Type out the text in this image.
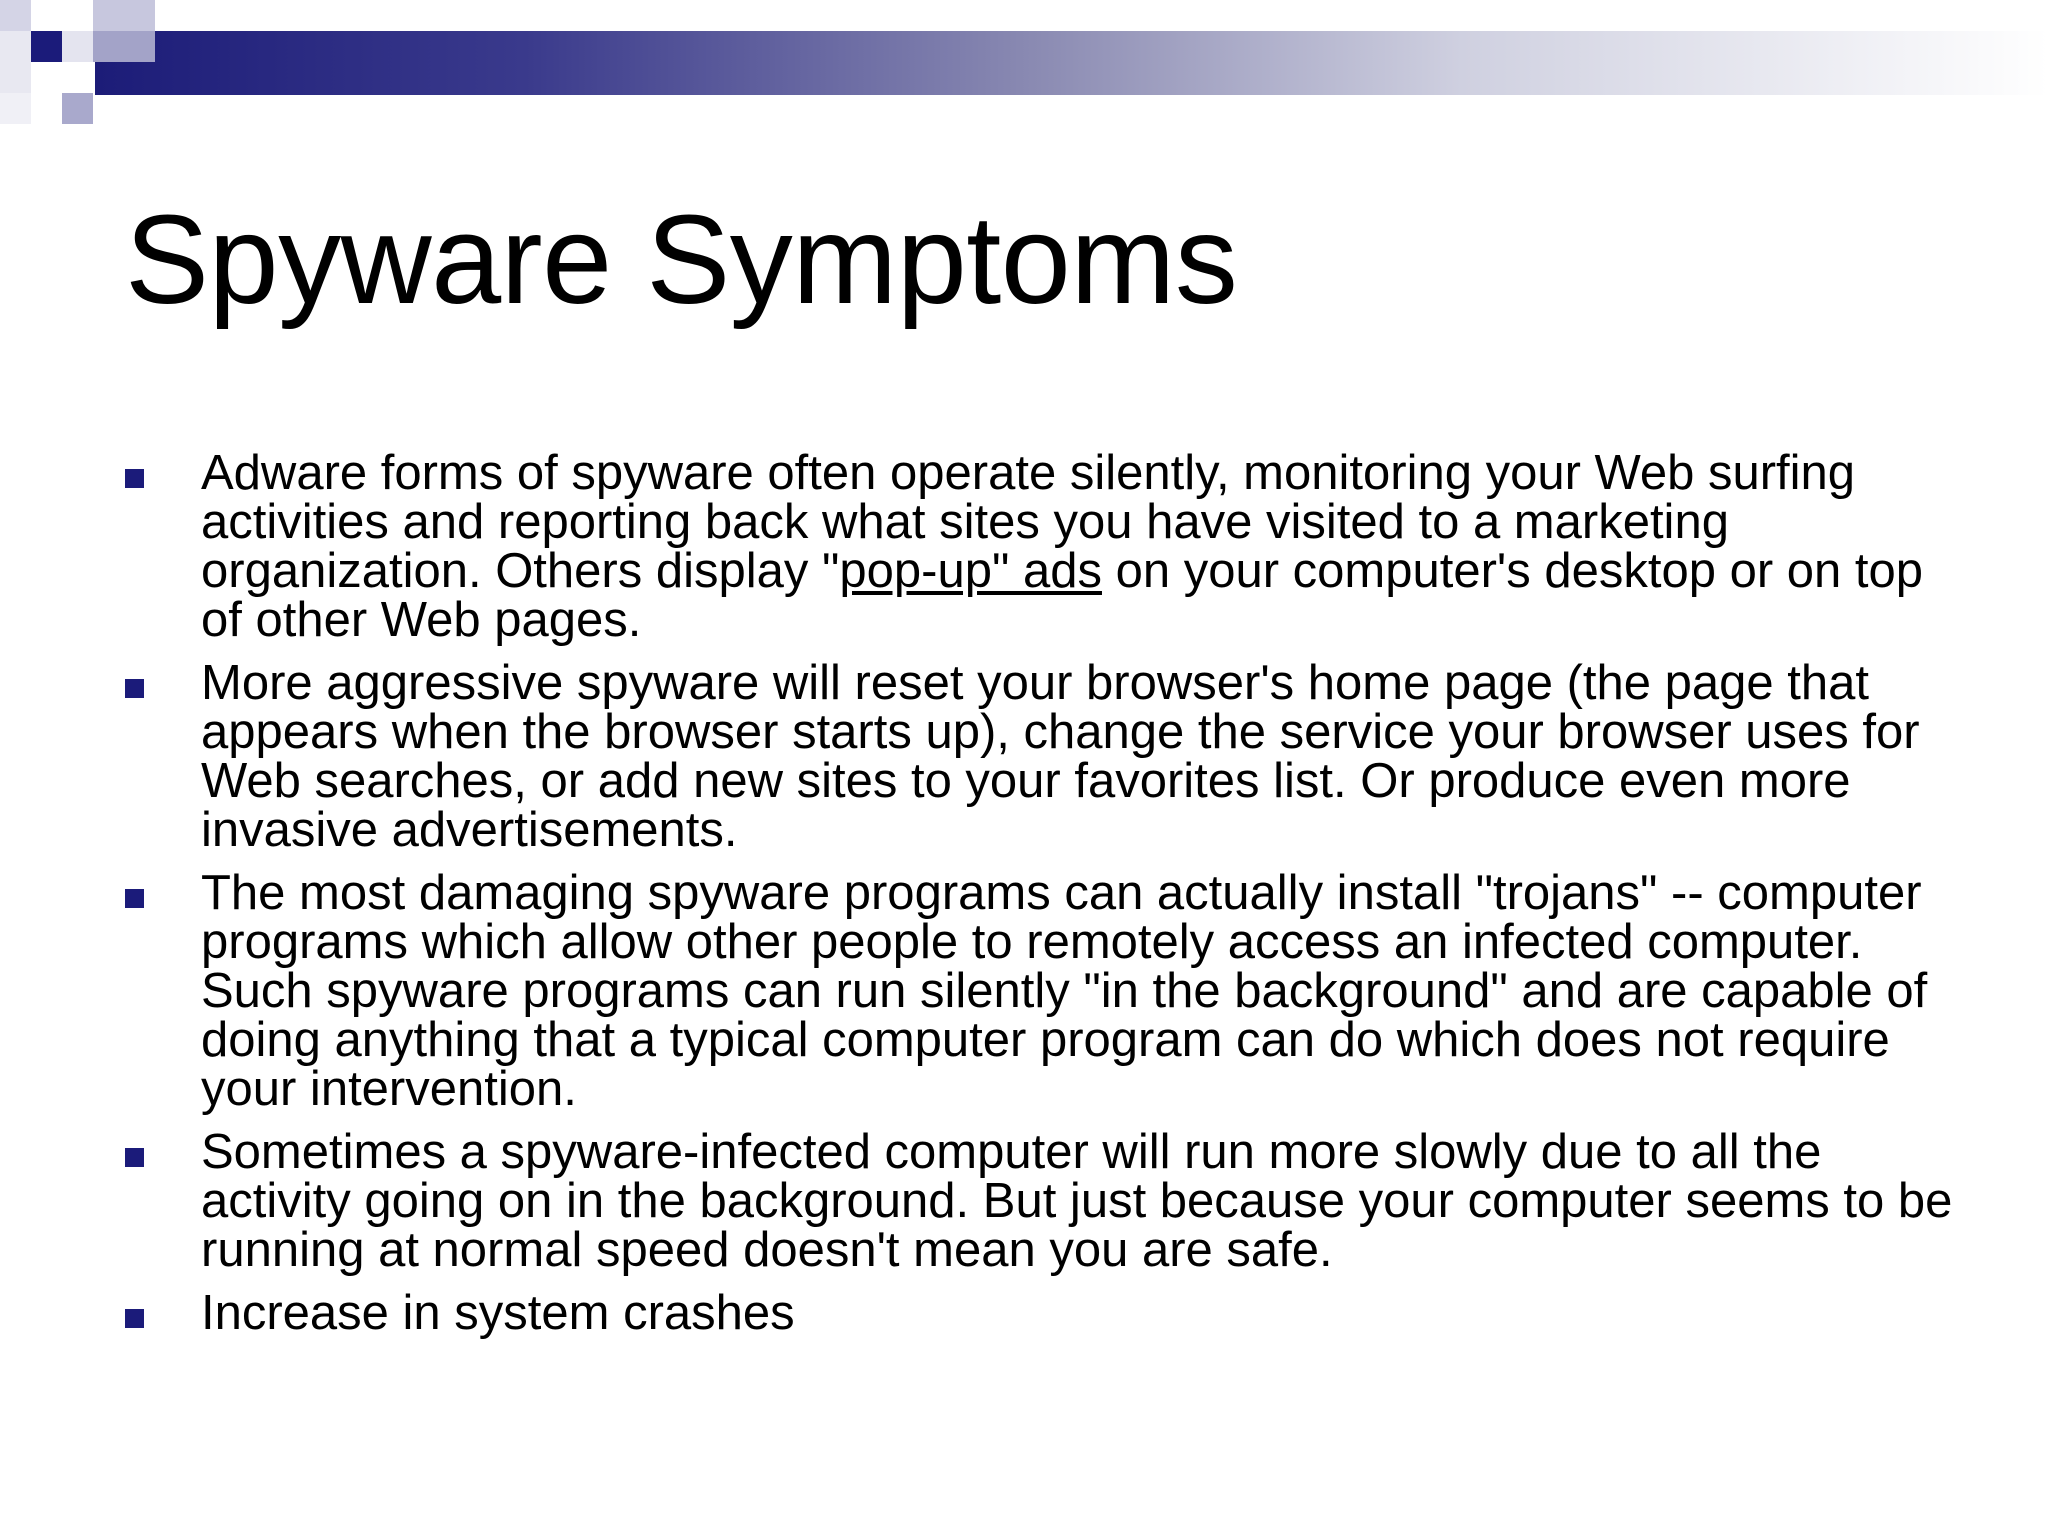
Spyware Symptoms
Adware forms of spyware often operate silently, monitoring your Web surfing activities and reporting back what sites you have visited to a marketing organization. Others display "pop-up" ads on your computer's desktop or on top of other Web pages.
More aggressive spyware will reset your browser's home page (the page that appears when the browser starts up), change the service your browser uses for Web searches, or add new sites to your favorites list. Or produce even more invasive advertisements.
The most damaging spyware programs can actually install "trojans" -- computer programs which allow other people to remotely access an infected computer. Such spyware programs can run silently "in the background" and are capable of doing anything that a typical computer program can do which does not require your intervention.
Sometimes a spyware-infected computer will run more slowly due to all the activity going on in the background. But just because your computer seems to be running at normal speed doesn't mean you are safe.
Increase in system crashes
